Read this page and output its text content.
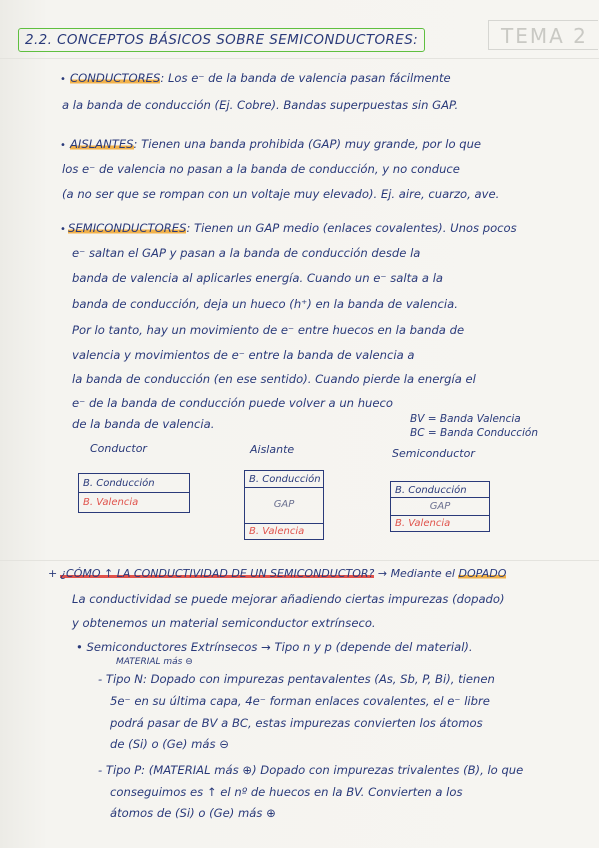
TEMA 2
2.2. CONCEPTOS BÁSICOS SOBRE SEMICONDUCTORES:
• CONDUCTORES: Los e⁻ de la banda de valencia pasan fácilmente
a la banda de conducción (Ej. Cobre). Bandas superpuestas sin GAP.
• AISLANTES: Tienen una banda prohibida (GAP) muy grande, por lo que
los e⁻ de valencia no pasan a la banda de conducción, y no conduce
(a no ser que se rompan con un voltaje muy elevado). Ej. aire, cuarzo, ave.
• SEMICONDUCTORES: Tienen un GAP medio (enlaces covalentes). Unos pocos
e⁻ saltan el GAP y pasan a la banda de conducción desde la
banda de valencia al aplicarles energía. Cuando un e⁻ salta a la
banda de conducción, deja un hueco (h⁺) en la banda de valencia.
Por lo tanto, hay un movimiento de e⁻ entre huecos en la banda de
valencia y movimientos de e⁻ entre la banda de valencia a
la banda de conducción (en ese sentido). Cuando pierde la energía el
e⁻ de la banda de conducción puede volver a un hueco
de la banda de valencia.	BV = Banda Valencia
BC = Banda Conducción
Conductor	Aislante	Semiconductor
B. Conducción
B. Valencia
B. Conducción
GAP
B. Valencia
B. Conducción
GAP
B. Valencia
+ ¿CÓMO ↑ LA CONDUCTIVIDAD DE UN SEMICONDUCTOR? → Mediante el DOPADO
La conductividad se puede mejorar añadiendo ciertas impurezas (dopado)
y obtenemos un material semiconductor extrínseco.
• Semiconductores Extrínsecos → Tipo n y p (depende del material).
MATERIAL más ⊖
- Tipo N: Dopado con impurezas pentavalentes (As, Sb, P, Bi), tienen
5e⁻ en su última capa, 4e⁻ forman enlaces covalentes, el e⁻ libre
podrá pasar de BV a BC, estas impurezas convierten los átomos
de (Si) o (Ge) más ⊖
- Tipo P: (MATERIAL más ⊕) Dopado con impurezas trivalentes (B), lo que
conseguimos es ↑ el nº de huecos en la BV. Convierten a los
átomos de (Si) o (Ge) más ⊕
